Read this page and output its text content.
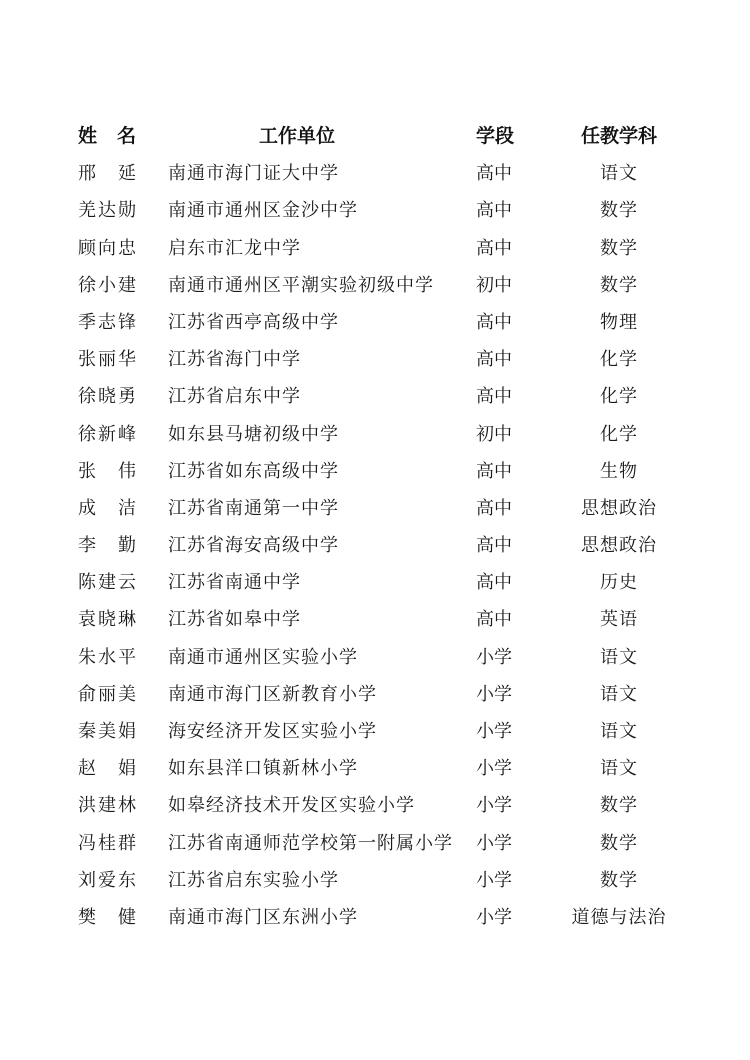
姓　名	工作单位	学段	任教学科
邢延 南通市海门证大中学	高中	语文
羌达勋 南通市通州区金沙中学	高中	数学
顾向忠 启东市汇龙中学	高中	数学
徐小建 南通市通州区平潮实验初级中学	初中	数学
季志锋 江苏省西亭高级中学	高中	物理
张丽华 江苏省海门中学	高中	化学
徐晓勇 江苏省启东中学	高中	化学
徐新峰 如东县马塘初级中学	初中	化学
张伟 江苏省如东高级中学	高中	生物
成洁 江苏省南通第一中学	高中	思想政治
李勤 江苏省海安高级中学	高中	思想政治
陈建云 江苏省南通中学	高中	历史
袁晓琳 江苏省如皋中学	高中	英语
朱水平 南通市通州区实验小学	小学	语文
俞丽美 南通市海门区新教育小学	小学	语文
秦美娟 海安经济开发区实验小学	小学	语文
赵娟 如东县洋口镇新林小学	小学	语文
洪建林 如皋经济技术开发区实验小学	小学	数学
冯桂群 江苏省南通师范学校第一附属小学 小学	数学
刘爱东 江苏省启东实验小学	小学	数学
樊健 南通市海门区东洲小学	小学	道德与法治
